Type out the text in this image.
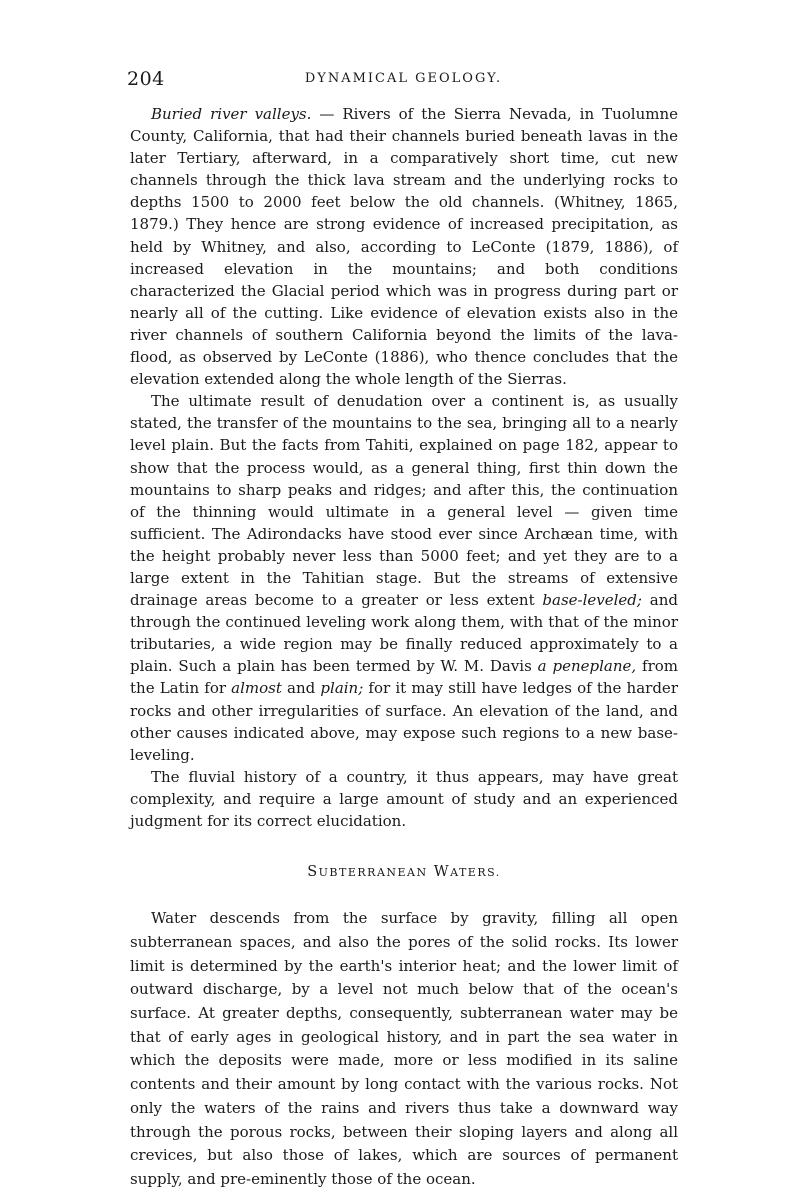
204	DYNAMICAL GEOLOGY.

Buried river valleys. — Rivers of the Sierra Nevada, in Tuolumne County, California, that had their channels buried beneath lavas in the later Tertiary, afterward, in a comparatively short time, cut new channels through the thick lava stream and the underlying rocks to depths 1500 to 2000 feet below the old channels. (Whitney, 1865, 1879.) They hence are strong evidence of increased precipitation, as held by Whitney, and also, according to LeConte (1879, 1886), of increased elevation in the mountains; and both conditions characterized the Glacial period which was in progress during part or nearly all of the cutting. Like evidence of elevation exists also in the river channels of southern California beyond the limits of the lava-flood, as observed by LeConte (1886), who thence concludes that the elevation extended along the whole length of the Sierras.

The ultimate result of denudation over a continent is, as usually stated, the transfer of the mountains to the sea, bringing all to a nearly level plain. But the facts from Tahiti, explained on page 182, appear to show that the process would, as a general thing, first thin down the mountains to sharp peaks and ridges; and after this, the continuation of the thinning would ultimate in a general level — given time sufficient. The Adirondacks have stood ever since Archæan time, with the height probably never less than 5000 feet; and yet they are to a large extent in the Tahitian stage. But the streams of extensive drainage areas become to a greater or less extent base-leveled; and through the continued leveling work along them, with that of the minor tributaries, a wide region may be finally reduced approximately to a plain. Such a plain has been termed by W. M. Davis a peneplane, from the Latin for almost and plain; for it may still have ledges of the harder rocks and other irregularities of surface. An elevation of the land, and other causes indicated above, may expose such regions to a new base-leveling.

The fluvial history of a country, it thus appears, may have great complexity, and require a large amount of study and an experienced judgment for its correct elucidation.

SUBTERRANEAN WATERS.

Water descends from the surface by gravity, filling all open subterranean spaces, and also the pores of the solid rocks. Its lower limit is determined by the earth's interior heat; and the lower limit of outward discharge, by a level not much below that of the ocean's surface. At greater depths, consequently, subterranean water may be that of early ages in geological history, and in part the sea water in which the deposits were made, more or less modified in its saline contents and their amount by long contact with the various rocks. Not only the waters of the rains and rivers thus take a downward way through the porous rocks, between their sloping layers and along all crevices, but also those of lakes, which are sources of permanent supply, and pre-eminently those of the ocean.
